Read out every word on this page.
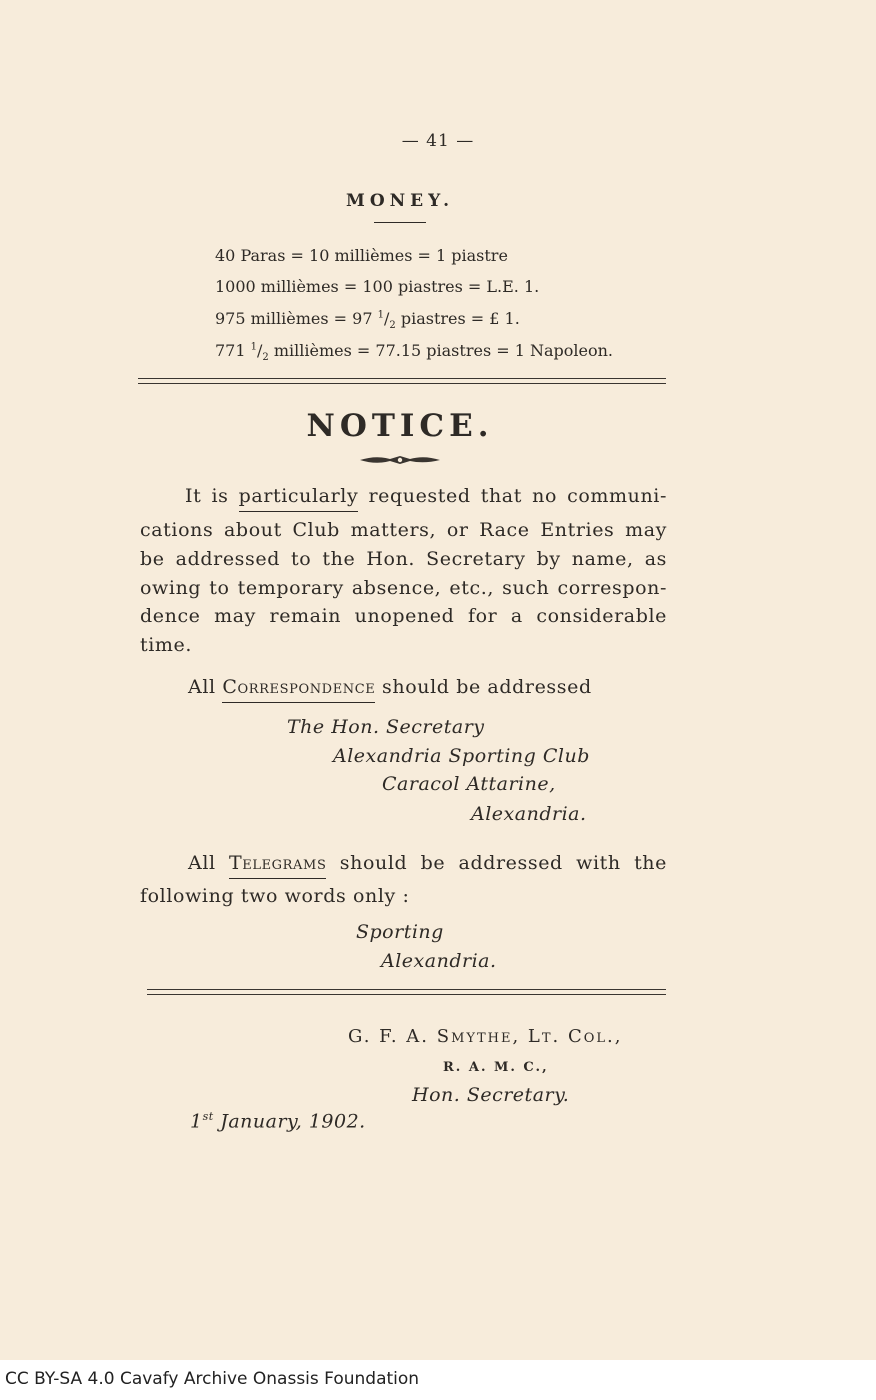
— 41 —
MONEY.
40 Paras = 10 millièmes = 1 piastre
1000 millièmes = 100 piastres = L.E. 1.
975 millièmes = 97 $^1/_2$ piastres = £ 1.
771 $^1/_2$ millièmes = 77.15 piastres = 1 Napoleon.
NOTICE.
It is particularly requested that no communi-
cations about Club matters, or Race Entries may
be addressed to the Hon. Secretary by name, as
owing to temporary absence, etc., such correspon-
dence may remain unopened for a considerable
time.
All Correspondence should be addressed
The Hon. Secretary
Alexandria Sporting Club
Caracol Attarine,
Alexandria.
All Telegrams should be addressed with the
following two words only :
Sporting
Alexandria.
G. F. A. Smythe, Lt. Col.,
R. A. M. C.,
Hon. Secretary.
1st January, 1902.
CC BY-SA 4.0 Cavafy Archive Onassis Foundation
